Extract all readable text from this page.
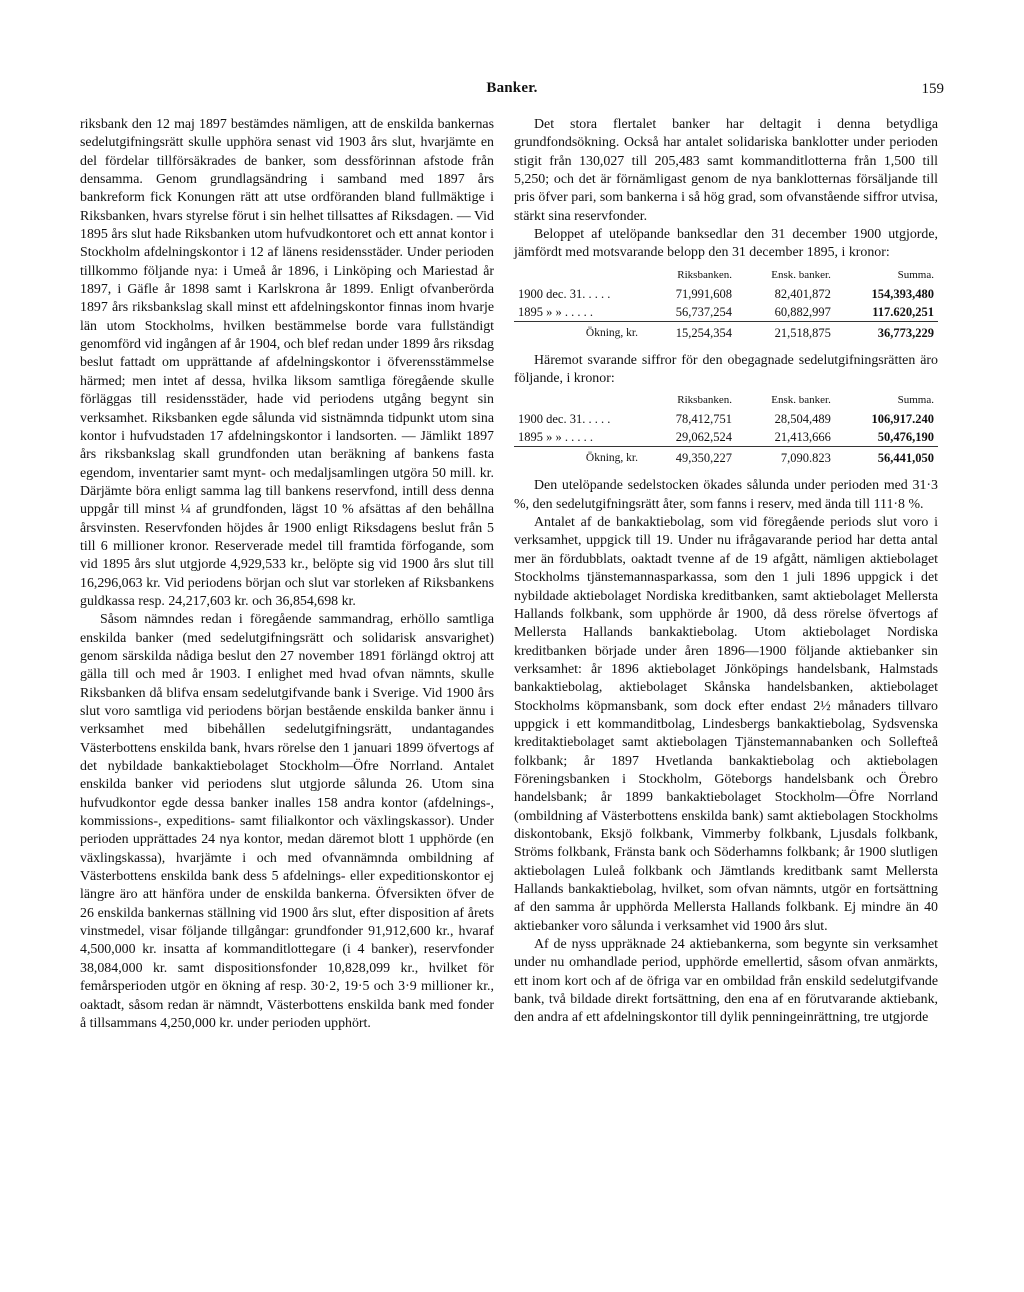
Banker.	159

riksbank den 12 maj 1897 bestämdes nämligen, att de enskilda bankernas sedelutgifningsrätt skulle upphöra senast vid 1903 års slut, hvarjämte en del fördelar tillförsäkrades de banker, som dessförinnan afstode från densamma. Genom grundlagsändring i samband med 1897 års bankreform fick Konungen rätt att utse ordföranden bland fullmäktige i Riksbanken, hvars styrelse förut i sin helhet tillsattes af Riksdagen. — Vid 1895 års slut hade Riksbanken utom hufvudkontoret och ett annat kontor i Stockholm afdelningskontor i 12 af länens residensstäder. Under perioden tillkommo följande nya: i Umeå år 1896, i Linköping och Mariestad år 1897, i Gäfle år 1898 samt i Karlskrona år 1899. Enligt ofvanberörda 1897 års riksbankslag skall minst ett afdelningskontor finnas inom hvarje län utom Stockholms, hvilken bestämmelse borde vara fullständigt genomförd vid ingången af år 1904, och blef redan under 1899 års riksdag beslut fattadt om upprättande af afdelningskontor i öfverensstämmelse härmed; men intet af dessa, hvilka liksom samtliga föregående skulle förläggas till residensstäder, hade vid periodens utgång begynt sin verksamhet. Riksbanken egde sålunda vid sistnämnda tidpunkt utom sina kontor i hufvudstaden 17 afdelningskontor i landsorten. — Jämlikt 1897 års riksbankslag skall grundfonden utan beräkning af bankens fasta egendom, inventarier samt mynt- och medaljsamlingen utgöra 50 mill. kr. Därjämte böra enligt samma lag till bankens reservfond, intill dess denna uppgår till minst ¼ af grundfonden, lägst 10 % afsättas af den behållna årsvinsten. Reservfonden höjdes år 1900 enligt Riksdagens beslut från 5 till 6 millioner kronor. Reserverade medel till framtida förfogande, som vid 1895 års slut utgjorde 4,929,533 kr., belöpte sig vid 1900 års slut till 16,296,063 kr. Vid periodens början och slut var storleken af Riksbankens guldkassa resp. 24,217,603 kr. och 36,854,698 kr.

Såsom nämndes redan i föregående sammandrag, erhöllo samtliga enskilda banker (med sedelutgifningsrätt och solidarisk ansvarighet) genom särskilda nådiga beslut den 27 november 1891 förlängd oktroj att gälla till och med år 1903. I enlighet med hvad ofvan nämnts, skulle Riksbanken då blifva ensam sedelutgifvande bank i Sverige. Vid 1900 års slut voro samtliga vid periodens början bestående enskilda banker ännu i verksamhet med bibehållen sedelutgifningsrätt, undantagandes Västerbottens enskilda bank, hvars rörelse den 1 januari 1899 öfvertogs af det nybildade bankaktiebolaget Stockholm—Öfre Norrland. Antalet enskilda banker vid periodens slut utgjorde sålunda 26. Utom sina hufvudkontor egde dessa banker inalles 158 andra kontor (afdelnings-, kommissions-, expeditions- samt filialkontor och växlingskassor). Under perioden upprättades 24 nya kontor, medan däremot blott 1 upphörde (en växlingskassa), hvarjämte i och med ofvannämnda ombildning af Västerbottens enskilda bank dess 5 afdelnings- eller expeditionskontor ej längre äro att hänföra under de enskilda bankerna. Öfversikten öfver de 26 enskilda bankernas ställning vid 1900 års slut, efter disposition af årets vinstmedel, visar följande tillgångar: grundfonder 91,912,600 kr., hvaraf 4,500,000 kr. insatta af kommanditlottegare (i 4 banker), reservfonder 38,084,000 kr. samt dispositionsfonder 10,828,099 kr., hvilket för femårsperioden utgör en ökning af resp. 30·2, 19·5 och 3·9 millioner kr., oaktadt, såsom redan är nämndt, Västerbottens enskilda bank med fonder å tillsammans 4,250,000 kr. under perioden upphört.

Det stora flertalet banker har deltagit i denna betydliga grundfondsökning. Också har antalet solidariska banklotter under perioden stigit från 130,027 till 205,483 samt kommanditlotterna från 1,500 till 5,250; och det är förnämligast genom de nya banklotternas försäljande till pris öfver pari, som bankerna i så hög grad, som ofvanstående siffror utvisa, stärkt sina reservfonder.

Beloppet af utelöpande banksedlar den 31 december 1900 utgjorde, jämfördt med motsvarande belopp den 31 december 1895, i kronor:

	Riksbanken.	Ensk. banker.	Summa.
1900 dec. 31. . . . .	71,991,608	82,401,872	154,393,480
1895 » » . . . . .	56,737,254	60,882,997	117.620,251
Ökning, kr.	15,254,354	21,518,875	36,773,229

Häremot svarande siffror för den obegagnade sedelutgifningsrätten äro följande, i kronor:

	Riksbanken.	Ensk. banker.	Summa.
1900 dec. 31. . . . .	78,412,751	28,504,489	106,917.240
1895 » » . . . . .	29,062,524	21,413,666	50,476,190
Ökning, kr.	49,350,227	7,090.823	56,441,050

Den utelöpande sedelstocken ökades sålunda under perioden med 31·3 %, den sedelutgifningsrätt åter, som fanns i reserv, med ända till 111·8 %.

Antalet af de bankaktiebolag, som vid föregående periods slut voro i verksamhet, uppgick till 19. Under nu ifrågavarande period har detta antal mer än fördubblats, oaktadt tvenne af de 19 afgått, nämligen aktiebolaget Stockholms tjänstemannasparkassa, som den 1 juli 1896 uppgick i det nybildade aktiebolaget Nordiska kreditbanken, samt aktiebolaget Mellersta Hallands folkbank, som upphörde år 1900, då dess rörelse öfvertogs af Mellersta Hallands bankaktiebolag. Utom aktiebolaget Nordiska kreditbanken började under åren 1896—1900 följande aktiebanker sin verksamhet: år 1896 aktiebolaget Jönköpings handelsbank, Halmstads bankaktiebolag, aktiebolaget Skånska handelsbanken, aktiebolaget Stockholms köpmansbank, som dock efter endast 2½ månaders tillvaro uppgick i ett kommanditbolag, Lindesbergs bankaktiebolag, Sydsvenska kreditaktiebolaget samt aktiebolagen Tjänstemannabanken och Sollefteå folkbank; år 1897 Hvetlanda bankaktiebolag och aktiebolagen Föreningsbanken i Stockholm, Göteborgs handelsbank och Örebro handelsbank; år 1899 bankaktiebolaget Stockholm—Öfre Norrland (ombildning af Västerbottens enskilda bank) samt aktiebolagen Stockholms diskontobank, Eksjö folkbank, Vimmerby folkbank, Ljusdals folkbank, Ströms folkbank, Fränsta bank och Söderhamns folkbank; år 1900 slutligen aktiebolagen Luleå folkbank och Jämtlands kreditbank samt Mellersta Hallands bankaktiebolag, hvilket, som ofvan nämnts, utgör en fortsättning af den samma år upphörda Mellersta Hallands folkbank. Ej mindre än 40 aktiebanker voro sålunda i verksamhet vid 1900 års slut.

Af de nyss uppräknade 24 aktiebankerna, som begynte sin verksamhet under nu omhandlade period, upphörde emellertid, såsom ofvan anmärkts, ett inom kort och af de öfriga var en ombildad från enskild sedelutgifvande bank, två bildade direkt fortsättning, den ena af en förutvarande aktiebank, den andra af ett afdelningskontor till dylik penningeinrättning, tre utgjorde
